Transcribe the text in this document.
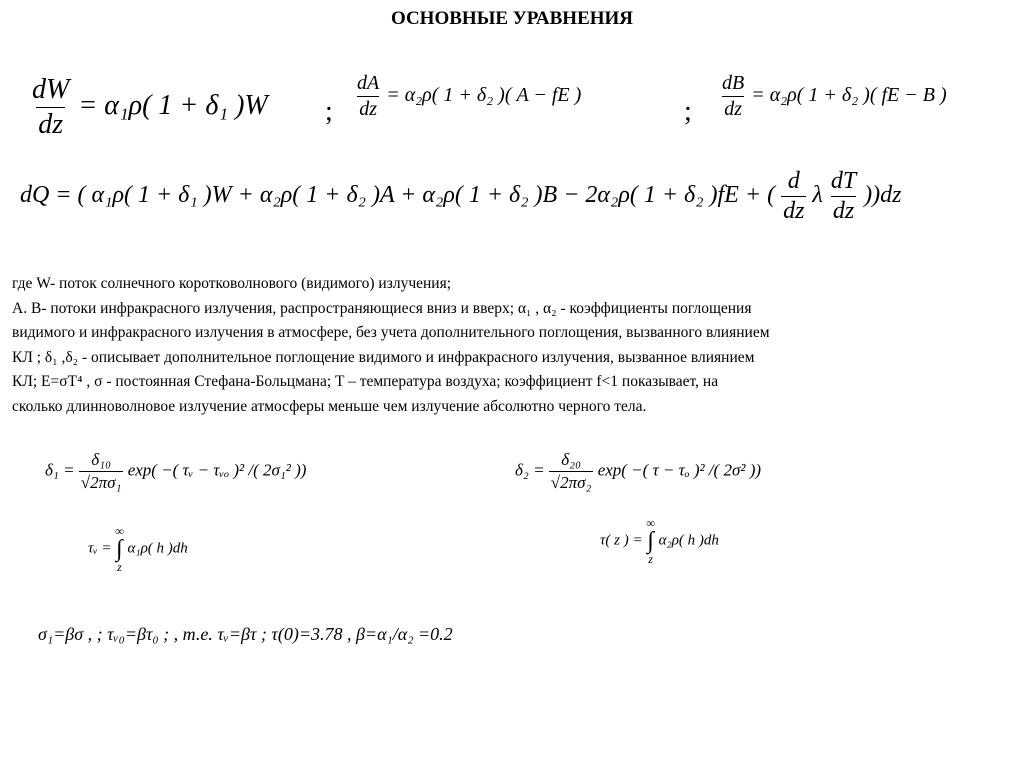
ОСНОВНЫЕ УРАВНЕНИЯ
$\frac{dW}{dz} = \alpha_1\rho$( 1 + δ₁ )W ; $\frac{dA}{dz} = \alpha_2\rho$( 1 + δ₂ )( A − fE )
; $\frac{dB}{dz} = \alpha_2\rho$( 1 + δ₂ )( fE − B )
dQ = ( α₁ρ( 1 + δ₁ )W + α₂ρ( 1 + δ₂ )A + α₂ρ( 1 + δ₂ )B − 2α₂ρ( 1 + δ₂ )fE + ( $\frac{d}{dz}$ λ $\frac{dT}{dz} ))dz$

где W- поток солнечного коротковолнового (видимого) излучения;

А. В- потоки инфракрасного излучения, распространяющиеся вниз и вверх; α₁ , α₂ - коэффициенты поглощения

видимого и инфракрасного излучения в атмосфере, без учета дополнительного поглощения, вызванного влиянием

КЛ ; δ₁ ,δ₂ - описывает дополнительное поглощение видимого и инфракрасного излучения, вызванное влиянием

КЛ; E=σT⁴ , σ - постоянная Стефана-Больцмана; T – температура воздуха; коэффициент f<1 показывает, на

сколько длинноволновое излучение атмосферы меньше чем излучение абсолютно черного тела.

$\delta_1 = \frac{\text{δ₁₀}}{\text{√2πσ₁}} \exp$( −( τᵥ − τᵥₒ )² /( 2σ₁² ))	$\delta_2 = \frac{\text{δ₂₀}}{\text{√2πσ₂}} \exp$( −( τ − τₒ )² /( 2σ² ))
τᵥ =
∞
∫
z
α₁ρ( h )dh	τ( z ) =
∞
∫
z
α₂ρ( h )dh
σ₁=βσ , ; τᵥ₀=βτ₀ ; , т.е. τᵥ=βτ ; τ(0)=3.78 , β=α₁/α₂ =0.2
